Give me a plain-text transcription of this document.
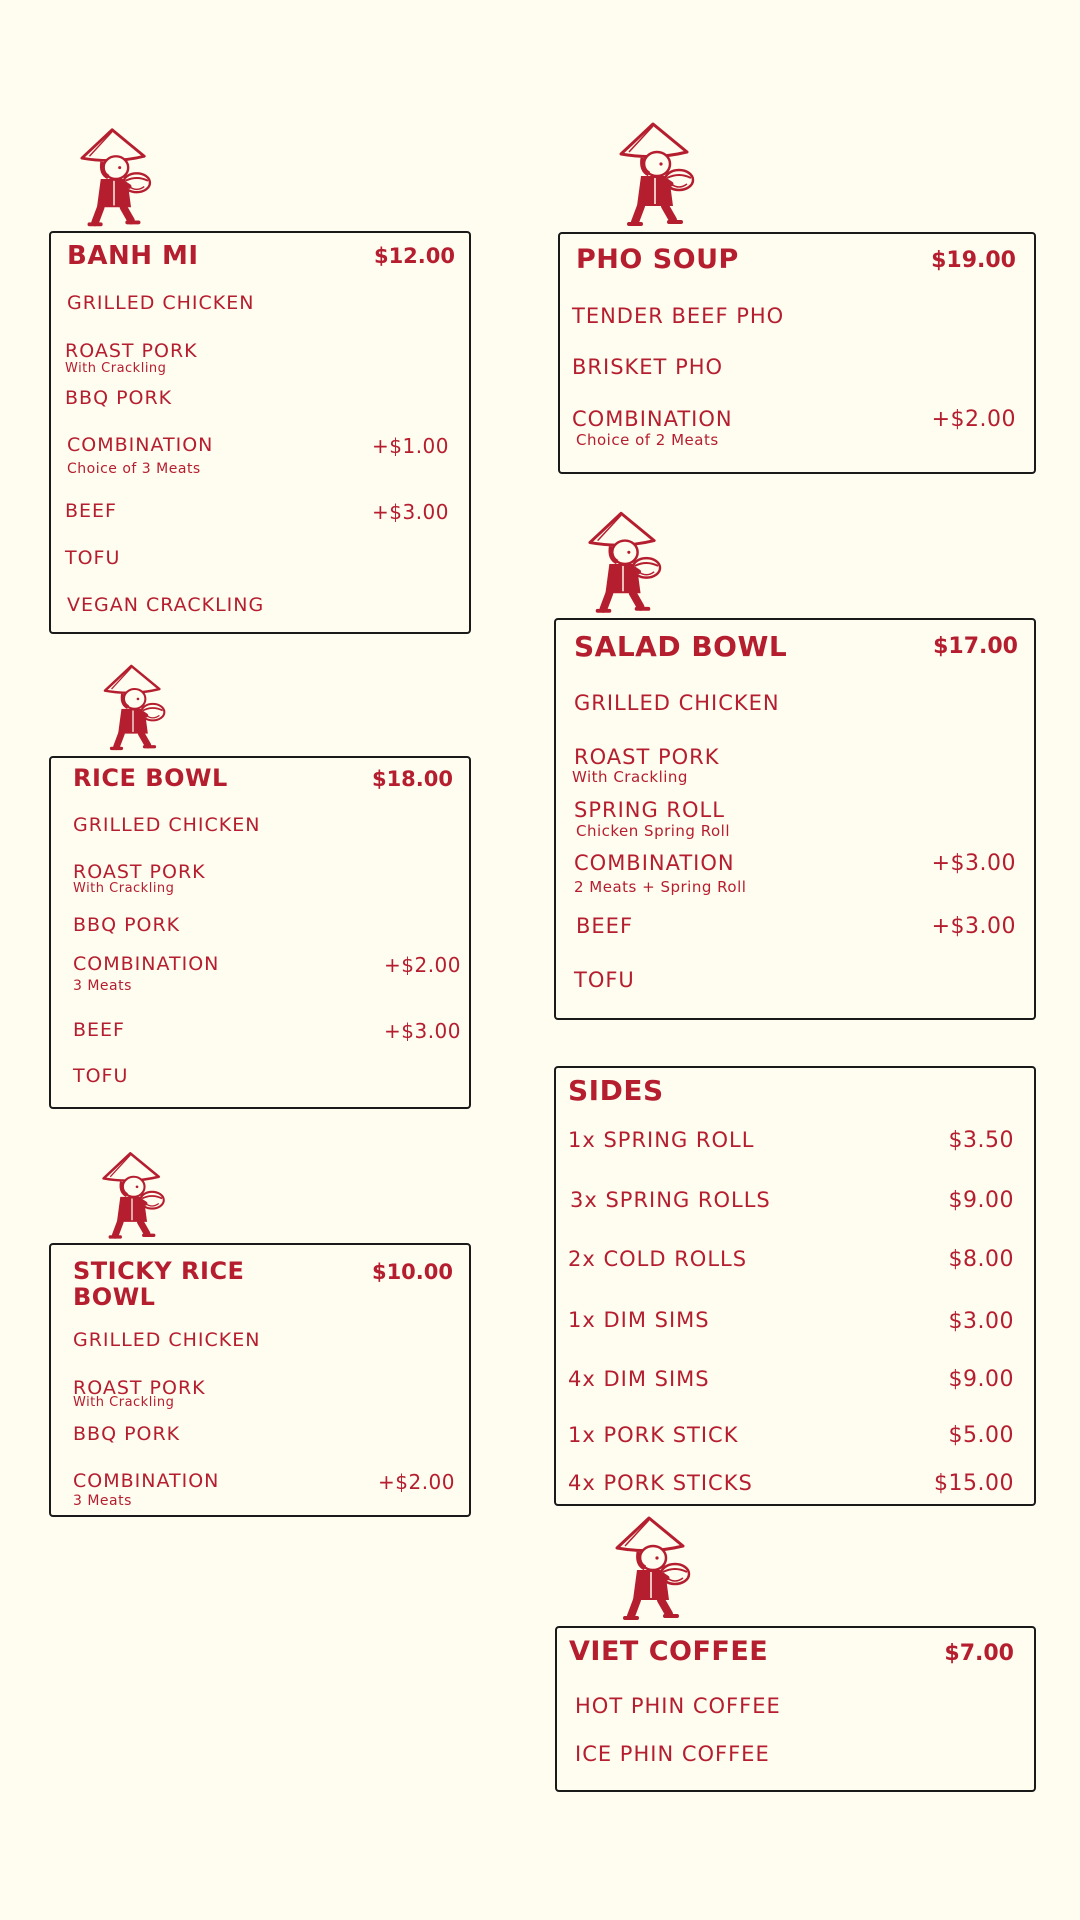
BANH MI	$12.00
GRILLED CHICKEN
ROAST PORK
With Crackling
BBQ PORK
COMBINATION	+$1.00
Choice of 3 Meats
BEEF	+$3.00
TOFU
VEGAN CRACKLING
PHO SOUP	$19.00
TENDER BEEF PHO
BRISKET PHO
COMBINATION	+$2.00
Choice of 2 Meats
RICE BOWL	$18.00
GRILLED CHICKEN
ROAST PORK
With Crackling
BBQ PORK
COMBINATION	+$2.00
3 Meats
BEEF	+$3.00
TOFU
SALAD BOWL	$17.00
GRILLED CHICKEN
ROAST PORK
With Crackling
SPRING ROLL
Chicken Spring Roll
COMBINATION	+$3.00
2 Meats + Spring Roll
BEEF	+$3.00
TOFU
STICKY RICE
BOWL
$10.00
GRILLED CHICKEN
ROAST PORK
With Crackling
BBQ PORK
COMBINATION	+$2.00
3 Meats
SIDES
1x SPRING ROLL	$3.50
3x SPRING ROLLS	$9.00
2x COLD ROLLS	$8.00
1x DIM SIMS	$3.00
4x DIM SIMS	$9.00
1x PORK STICK	$5.00
4x PORK STICKS	$15.00
VIET COFFEE	$7.00
HOT PHIN COFFEE
ICE PHIN COFFEE
